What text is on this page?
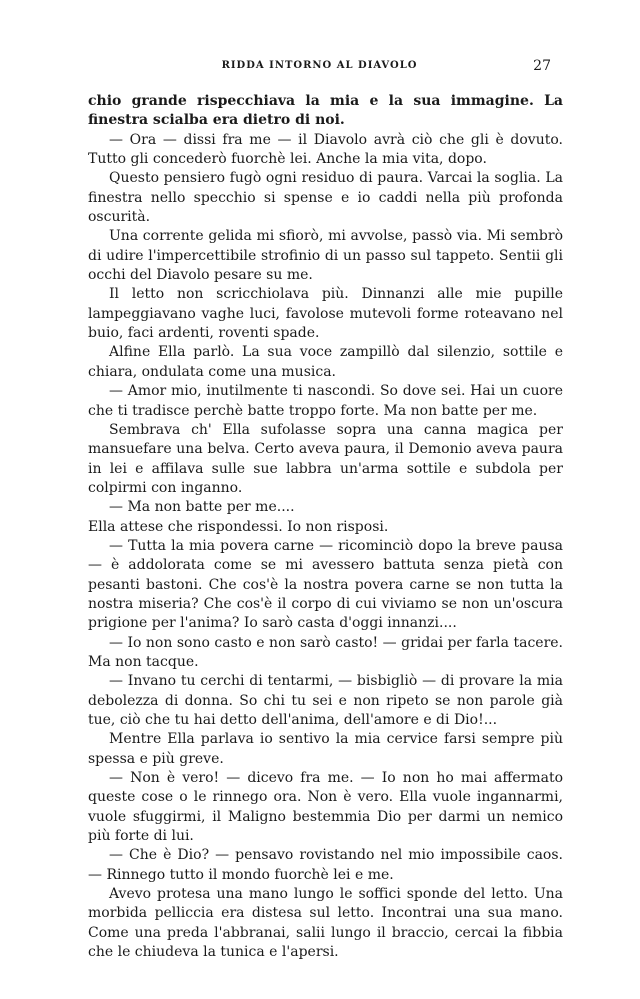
RIDDA INTORNO AL DIAVOLO	27

chio grande rispecchiava la mia e la sua immagine. La finestra scialba era dietro di noi.

— Ora — dissi fra me — il Diavolo avrà ciò che gli è dovuto. Tutto gli concederò fuorchè lei. Anche la mia vita, dopo.

Questo pensiero fugò ogni residuo di paura. Varcai la soglia. La finestra nello specchio si spense e io caddi nella più profonda oscurità.

Una corrente gelida mi sfiorò, mi avvolse, passò via. Mi sembrò di udire l'impercettibile strofinio di un passo sul tappeto. Sentii gli occhi del Diavolo pesare su me.

Il letto non scricchiolava più. Dinnanzi alle mie pupille lampeggiavano vaghe luci, favolose mutevoli forme roteavano nel buio, faci ardenti, roventi spade.

Alfine Ella parlò. La sua voce zampillò dal silenzio, sottile e chiara, ondulata come una musica.

— Amor mio, inutilmente ti nascondi. So dove sei. Hai un cuore che ti tradisce perchè batte troppo forte. Ma non batte per me.

Sembrava ch' Ella sufolasse sopra una canna magica per mansuefare una belva. Certo aveva paura, il Demonio aveva paura in lei e affilava sulle sue labbra un'arma sottile e subdola per colpirmi con inganno.

— Ma non batte per me....

Ella attese che rispondessi. Io non risposi.

— Tutta la mia povera carne — ricominciò dopo la breve pausa — è addolorata come se mi avessero battuta senza pietà con pesanti bastoni. Che cos'è la nostra povera carne se non tutta la nostra miseria? Che cos'è il corpo di cui viviamo se non un'oscura prigione per l'anima? Io sarò casta d'oggi innanzi....

— Io non sono casto e non sarò casto! — gridai per farla tacere. Ma non tacque.

— Invano tu cerchi di tentarmi, — bisbigliò — di provare la mia debolezza di donna. So chi tu sei e non ripeto se non parole già tue, ciò che tu hai detto dell'anima, dell'amore e di Dio!...

Mentre Ella parlava io sentivo la mia cervice farsi sempre più spessa e più greve.

— Non è vero! — dicevo fra me. — Io non ho mai affermato queste cose o le rinnego ora. Non è vero. Ella vuole ingannarmi, vuole sfuggirmi, il Maligno bestemmia Dio per darmi un nemico più forte di lui.

— Che è Dio? — pensavo rovistando nel mio impossibile caos. — Rinnego tutto il mondo fuorchè lei e me.

Avevo protesa una mano lungo le soffici sponde del letto. Una morbida pelliccia era distesa sul letto. Incontrai una sua mano. Come una preda l'abbranai, salii lungo il braccio, cercai la fibbia che le chiudeva la tunica e l'apersi.
